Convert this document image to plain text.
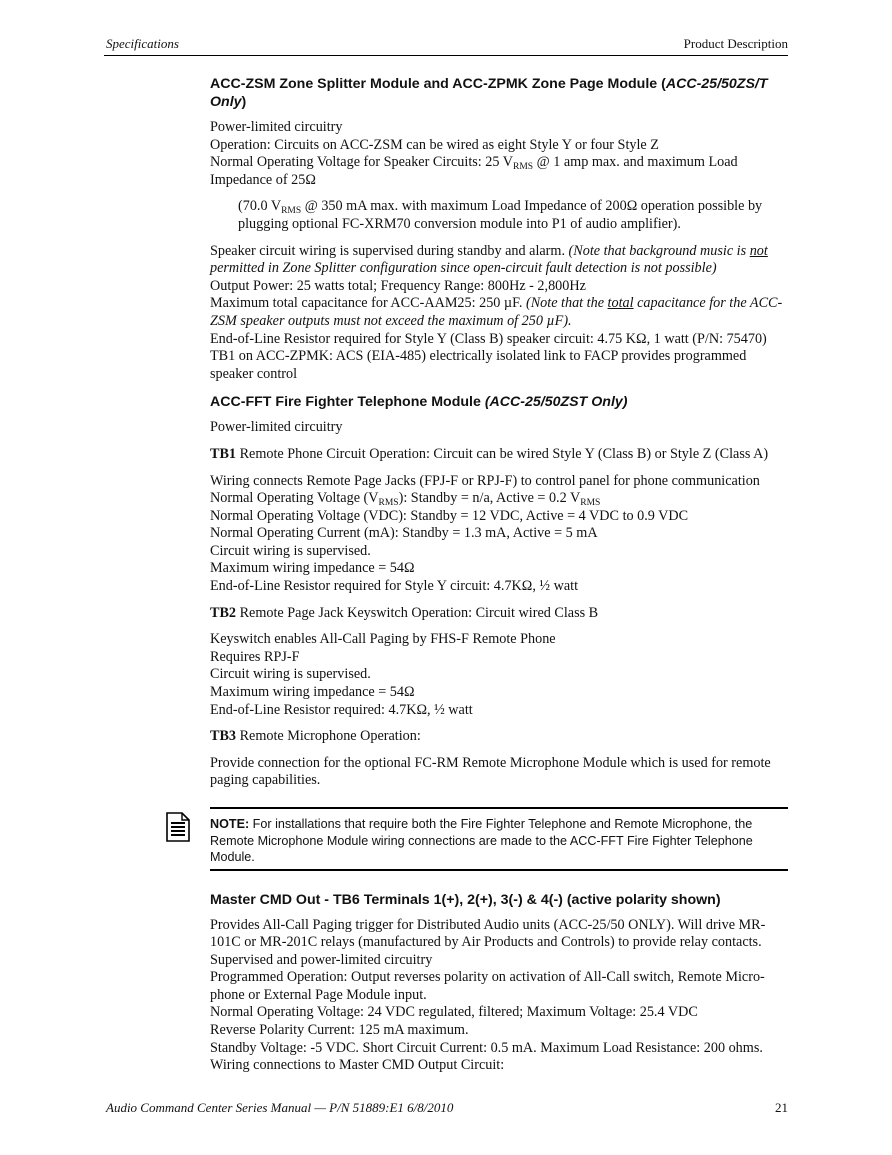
Specifications	Product Description
ACC-ZSM Zone Splitter Module and ACC-ZPMK Zone Page Module (ACC-25/50ZS/T Only)
Power-limited circuitry
Operation: Circuits on ACC-ZSM can be wired as eight Style Y or four Style Z
Normal Operating Voltage for Speaker Circuits: 25 $V_{RMS}$ @ 1 amp max. and maximum Load Impedance of 25Ω
(70.0 $V_{RMS}$ @ 350 mA max. with maximum Load Impedance of 200Ω operation possible by plugging optional FC-XRM70 conversion module into P1 of audio amplifier).
Speaker circuit wiring is supervised during standby and alarm. (Note that background music is not permitted in Zone Splitter configuration since open-circuit fault detection is not possible)
Output Power: 25 watts total; Frequency Range: 800Hz - 2,800Hz
Maximum total capacitance for ACC-AAM25: 250 µF. (Note that the total capacitance for the ACC-ZSM speaker outputs must not exceed the maximum of 250 µF).
End-of-Line Resistor required for Style Y (Class B) speaker circuit: 4.75 KΩ, 1 watt (P/N: 75470)
TB1 on ACC-ZPMK: ACS (EIA-485) electrically isolated link to FACP provides programmed speaker control
ACC-FFT Fire Fighter Telephone Module (ACC-25/50ZST Only)
Power-limited circuitry
TB1 Remote Phone Circuit Operation: Circuit can be wired Style Y (Class B) or Style Z (Class A)
Wiring connects Remote Page Jacks (FPJ-F or RPJ-F) to control panel for phone communication
Normal Operating Voltage $(V_{RMS})$: Standby = n/a, Active = 0.2 $V_{RMS}$
Normal Operating Voltage (VDC): Standby = 12 VDC, Active = 4 VDC to 0.9 VDC
Normal Operating Current (mA): Standby = 1.3 mA, Active = 5 mA
Circuit wiring is supervised.
Maximum wiring impedance = 54Ω
End-of-Line Resistor required for Style Y circuit: 4.7KΩ, ½ watt
TB2 Remote Page Jack Keyswitch Operation: Circuit wired Class B
Keyswitch enables All-Call Paging by FHS-F Remote Phone
Requires RPJ-F
Circuit wiring is supervised.
Maximum wiring impedance = 54Ω
End-of-Line Resistor required: 4.7KΩ, ½ watt
TB3 Remote Microphone Operation:
Provide connection for the optional FC-RM Remote Microphone Module which is used for remote paging capabilities.
NOTE: For installations that require both the Fire Fighter Telephone and Remote Microphone, the Remote Microphone Module wiring connections are made to the ACC-FFT Fire Fighter Telephone Module.
Master CMD Out - TB6 Terminals 1(+), 2(+), 3(-) & 4(-) (active polarity shown)
Provides All-Call Paging trigger for Distributed Audio units (ACC-25/50 ONLY). Will drive MR-101C or MR-201C relays (manufactured by Air Products and Controls) to provide relay contacts.
Supervised and power-limited circuitry
Programmed Operation: Output reverses polarity on activation of All-Call switch, Remote Micro-phone or External Page Module input.
Normal Operating Voltage: 24 VDC regulated, filtered; Maximum Voltage: 25.4 VDC
Reverse Polarity Current: 125 mA maximum.
Standby Voltage: -5 VDC. Short Circuit Current: 0.5 mA. Maximum Load Resistance: 200 ohms.
Wiring connections to Master CMD Output Circuit:
Audio Command Center Series Manual — P/N 51889:E1 6/8/2010	21
